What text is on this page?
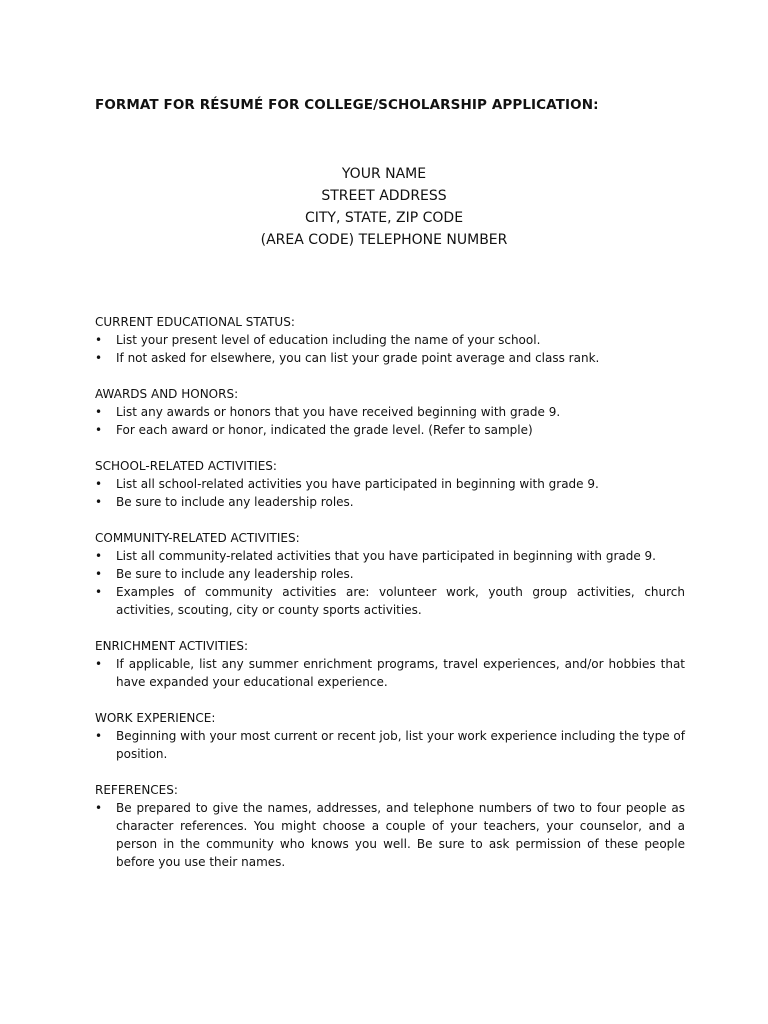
FORMAT FOR RÉSUMÉ FOR COLLEGE/SCHOLARSHIP APPLICATION:
YOUR NAME
STREET ADDRESS
CITY, STATE, ZIP CODE
(AREA CODE) TELEPHONE NUMBER
CURRENT EDUCATIONAL STATUS:
• List your present level of education including the name of your school.
• If not asked for elsewhere, you can list your grade point average and class rank.
AWARDS AND HONORS:
• List any awards or honors that you have received beginning with grade 9.
• For each award or honor, indicated the grade level. (Refer to sample)
SCHOOL-RELATED ACTIVITIES:
• List all school-related activities you have participated in beginning with grade 9.
• Be sure to include any leadership roles.
COMMUNITY-RELATED ACTIVITIES:
• List all community-related activities that you have participated in beginning with grade 9.
• Be sure to include any leadership roles.
• Examples of community activities are: volunteer work, youth group activities, church activities, scouting, city or county sports activities.
ENRICHMENT ACTIVITIES:
• If applicable, list any summer enrichment programs, travel experiences, and/or hobbies that have expanded your educational experience.
WORK EXPERIENCE:
• Beginning with your most current or recent job, list your work experience including the type of position.
REFERENCES:
• Be prepared to give the names, addresses, and telephone numbers of two to four people as character references. You might choose a couple of your teachers, your counselor, and a person in the community who knows you well. Be sure to ask permission of these people before you use their names.
